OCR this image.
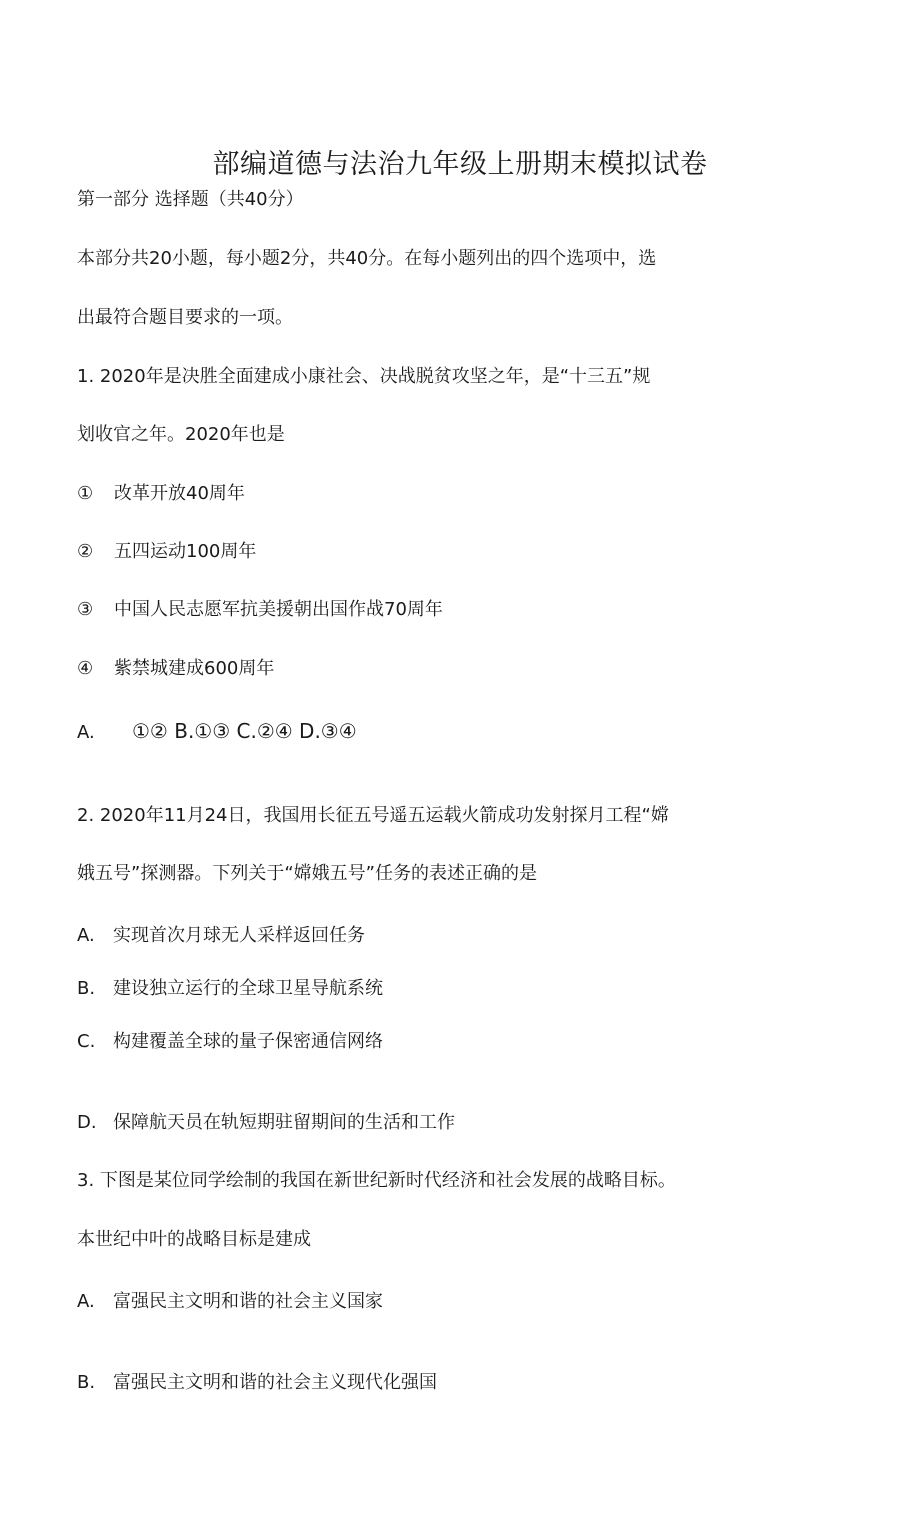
部编道德与法治九年级上册期末模拟试卷
第一部分 选择题（共40分）
本部分共20小题，每小题2分，共40分。在每小题列出的四个选项中，选
出最符合题目要求的一项。
1. 2020年是决胜全面建成小康社会、决战脱贫攻坚之年，是“十三五”规
划收官之年。2020年也是
①	改革开放40周年
②	五四运动100周年
③	中国人民志愿军抗美援朝出国作战70周年
④	紫禁城建成600周年
A. ①② B.①③ C.②④ D.③④
2. 2020年11月24日，我国用长征五号遥五运载火箭成功发射探月工程“嫦
娥五号”探测器。下列关于“嫦娥五号”任务的表述正确的是
A.	实现首次月球无人采样返回任务
B. 建设独立运行的全球卫星导航系统
C. 构建覆盖全球的量子保密通信网络
D. 保障航天员在轨短期驻留期间的生活和工作
3. 下图是某位同学绘制的我国在新世纪新时代经济和社会发展的战略目标。
本世纪中叶的战略目标是建成
A.	富强民主文明和谐的社会主义国家
B. 富强民主文明和谐的社会主义现代化强国
